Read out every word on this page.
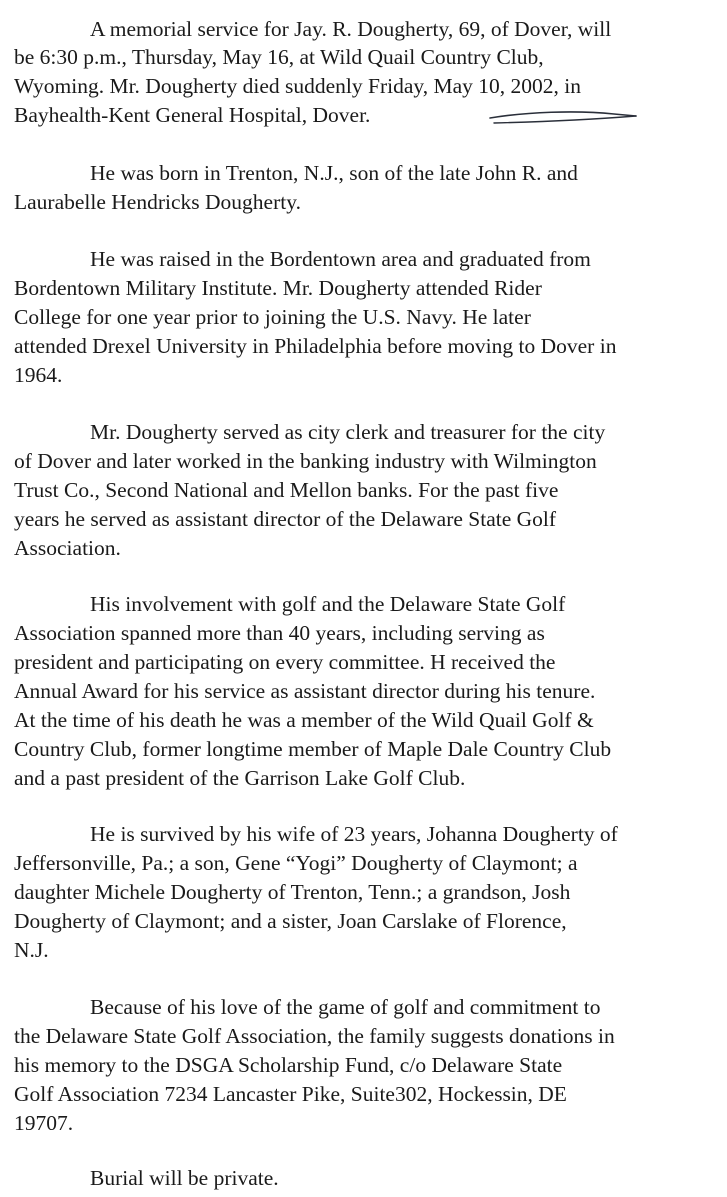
A memorial service for Jay. R. Dougherty, 69, of Dover, will
be 6:30 p.m., Thursday, May 16, at Wild Quail Country Club,
Wyoming. Mr. Dougherty died suddenly Friday, May 10, 2002, in
Bayhealth-Kent General Hospital, Dover.
He was born in Trenton, N.J., son of the late John R. and
Laurabelle Hendricks Dougherty.
He was raised in the Bordentown area and graduated from
Bordentown Military Institute. Mr. Dougherty attended Rider
College for one year prior to joining the U.S. Navy. He later
attended Drexel University in Philadelphia before moving to Dover in
1964.
Mr. Dougherty served as city clerk and treasurer for the city
of Dover and later worked in the banking industry with Wilmington
Trust Co., Second National and Mellon banks. For the past five
years he served as assistant director of the Delaware State Golf
Association.
His involvement with golf and the Delaware State Golf
Association spanned more than 40 years, including serving as
president and participating on every committee. H received the
Annual Award for his service as assistant director during his tenure.
At the time of his death he was a member of the Wild Quail Golf &
Country Club, former longtime member of Maple Dale Country Club
and a past president of the Garrison Lake Golf Club.
He is survived by his wife of 23 years, Johanna Dougherty of
Jeffersonville, Pa.; a son, Gene “Yogi” Dougherty of Claymont; a
daughter Michele Dougherty of Trenton, Tenn.; a grandson, Josh
Dougherty of Claymont; and a sister, Joan Carslake of Florence,
N.J.
Because of his love of the game of golf and commitment to
the Delaware State Golf Association, the family suggests donations in
his memory to the DSGA Scholarship Fund, c/o Delaware State
Golf Association 7234 Lancaster Pike, Suite302, Hockessin, DE
19707.
Burial will be private.
